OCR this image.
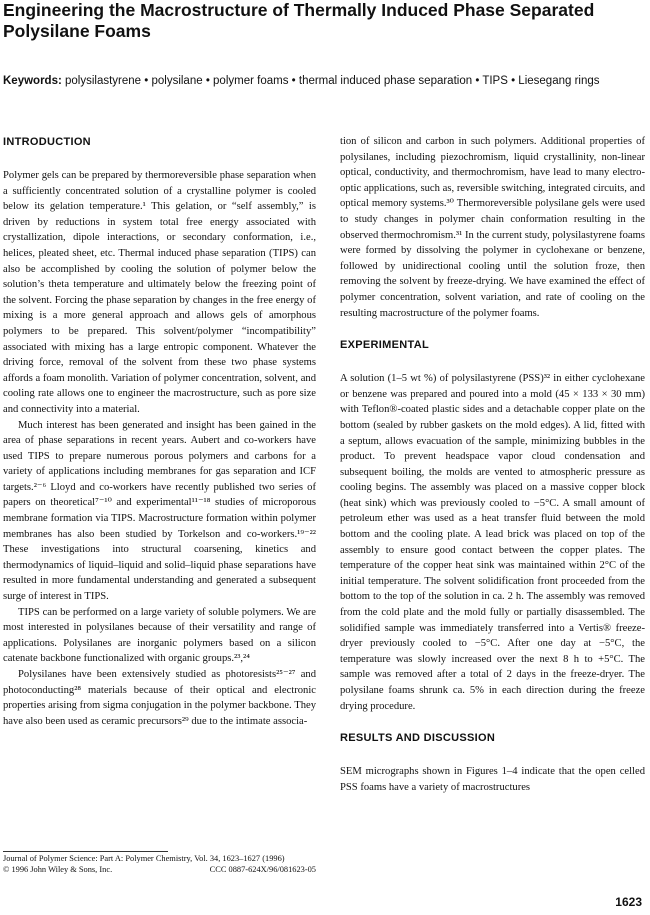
Engineering the Macrostructure of Thermally Induced Phase Separated Polysilane Foams
Keywords: polysilastyrene • polysilane • polymer foams • thermal induced phase separation • TIPS • Liesegang rings
INTRODUCTION

Polymer gels can be prepared by thermoreversible phase separation when a sufficiently concentrated solution of a crystalline polymer is cooled below its gelation temperature.¹ This gelation, or “self assembly,” is driven by reductions in system total free energy associated with crystallization, dipole interactions, or secondary conformation, i.e., helices, pleated sheet, etc. Thermal induced phase separation (TIPS) can also be accomplished by cooling the solution of polymer below the solution’s theta temperature and ultimately below the freezing point of the solvent. Forcing the phase separation by changes in the free energy of mixing is a more general approach and allows gels of amorphous polymers to be prepared. This solvent/polymer “incompatibility” associated with mixing has a large entropic component. Whatever the driving force, removal of the solvent from these two phase systems affords a foam monolith. Variation of polymer concentration, solvent, and cooling rate allows one to engineer the macrostructure, such as pore size and connectivity into a material.

Much interest has been generated and insight has been gained in the area of phase separations in recent years. Aubert and co-workers have used TIPS to prepare numerous porous polymers and carbons for a variety of applications including membranes for gas separation and ICF targets.²⁻⁶ Lloyd and co-workers have recently published two series of papers on theoretical⁷⁻¹⁰ and experimental¹¹⁻¹⁸ studies of microporous membrane formation via TIPS. Macrostructure formation within polymer membranes has also been studied by Torkelson and co-workers.¹⁹⁻²² These investigations into structural coarsening, kinetics and thermodynamics of liquid–liquid and solid–liquid phase separations have resulted in more fundamental understanding and generated a subsequent surge of interest in TIPS.

TIPS can be performed on a large variety of soluble polymers. We are most interested in polysilanes because of their versatility and range of applications. Polysilanes are inorganic polymers based on a silicon catenate backbone functionalized with organic groups.²³,²⁴

Polysilanes have been extensively studied as photoresists²⁵⁻²⁷ and photoconducting²⁸ materials because of their optical and electronic properties arising from sigma conjugation in the polymer backbone. They have also been used as ceramic precursors²⁹ due to the intimate associa-

tion of silicon and carbon in such polymers. Additional properties of polysilanes, including piezochromism, liquid crystallinity, non-linear optical, conductivity, and thermochromism, have lead to many electro-optic applications, such as, reversible switching, integrated circuits, and optical memory systems.³⁰ Thermoreversible polysilane gels were used to study changes in polymer chain conformation resulting in the observed thermochromism.³¹ In the current study, polysilastyrene foams were formed by dissolving the polymer in cyclohexane or benzene, followed by unidirectional cooling until the solution froze, then removing the solvent by freeze-drying. We have examined the effect of polymer concentration, solvent variation, and rate of cooling on the resulting macrostructure of the polymer foams.

EXPERIMENTAL

A solution (1–5 wt %) of polysilastyrene (PSS)³² in either cyclohexane or benzene was prepared and poured into a mold (45 × 133 × 30 mm) with Teflon®-coated plastic sides and a detachable copper plate on the bottom (sealed by rubber gaskets on the mold edges). A lid, fitted with a septum, allows evacuation of the sample, minimizing bubbles in the product. To prevent headspace vapor cloud condensation and subsequent boiling, the molds are vented to atmospheric pressure as cooling begins. The assembly was placed on a massive copper block (heat sink) which was previously cooled to −5°C. A small amount of petroleum ether was used as a heat transfer fluid between the mold bottom and the cooling plate. A lead brick was placed on top of the assembly to ensure good contact between the copper plates. The temperature of the copper heat sink was maintained within 2°C of the initial temperature. The solvent solidification front proceeded from the bottom to the top of the solution in ca. 2 h. The assembly was removed from the cold plate and the mold fully or partially disassembled. The solidified sample was immediately transferred into a Vertis® freeze-dryer previously cooled to −5°C. After one day at −5°C, the temperature was slowly increased over the next 8 h to +5°C. The sample was removed after a total of 2 days in the freeze-dryer. The polysilane foams shrunk ca. 5% in each direction during the freeze drying procedure.

RESULTS AND DISCUSSION

SEM micrographs shown in Figures 1–4 indicate that the open celled PSS foams have a variety of macrostructures

Journal of Polymer Science: Part A: Polymer Chemistry, Vol. 34, 1623–1627 (1996)
© 1996 John Wiley & Sons, Inc.	CCC 0887-624X/96/081623-05
1623
